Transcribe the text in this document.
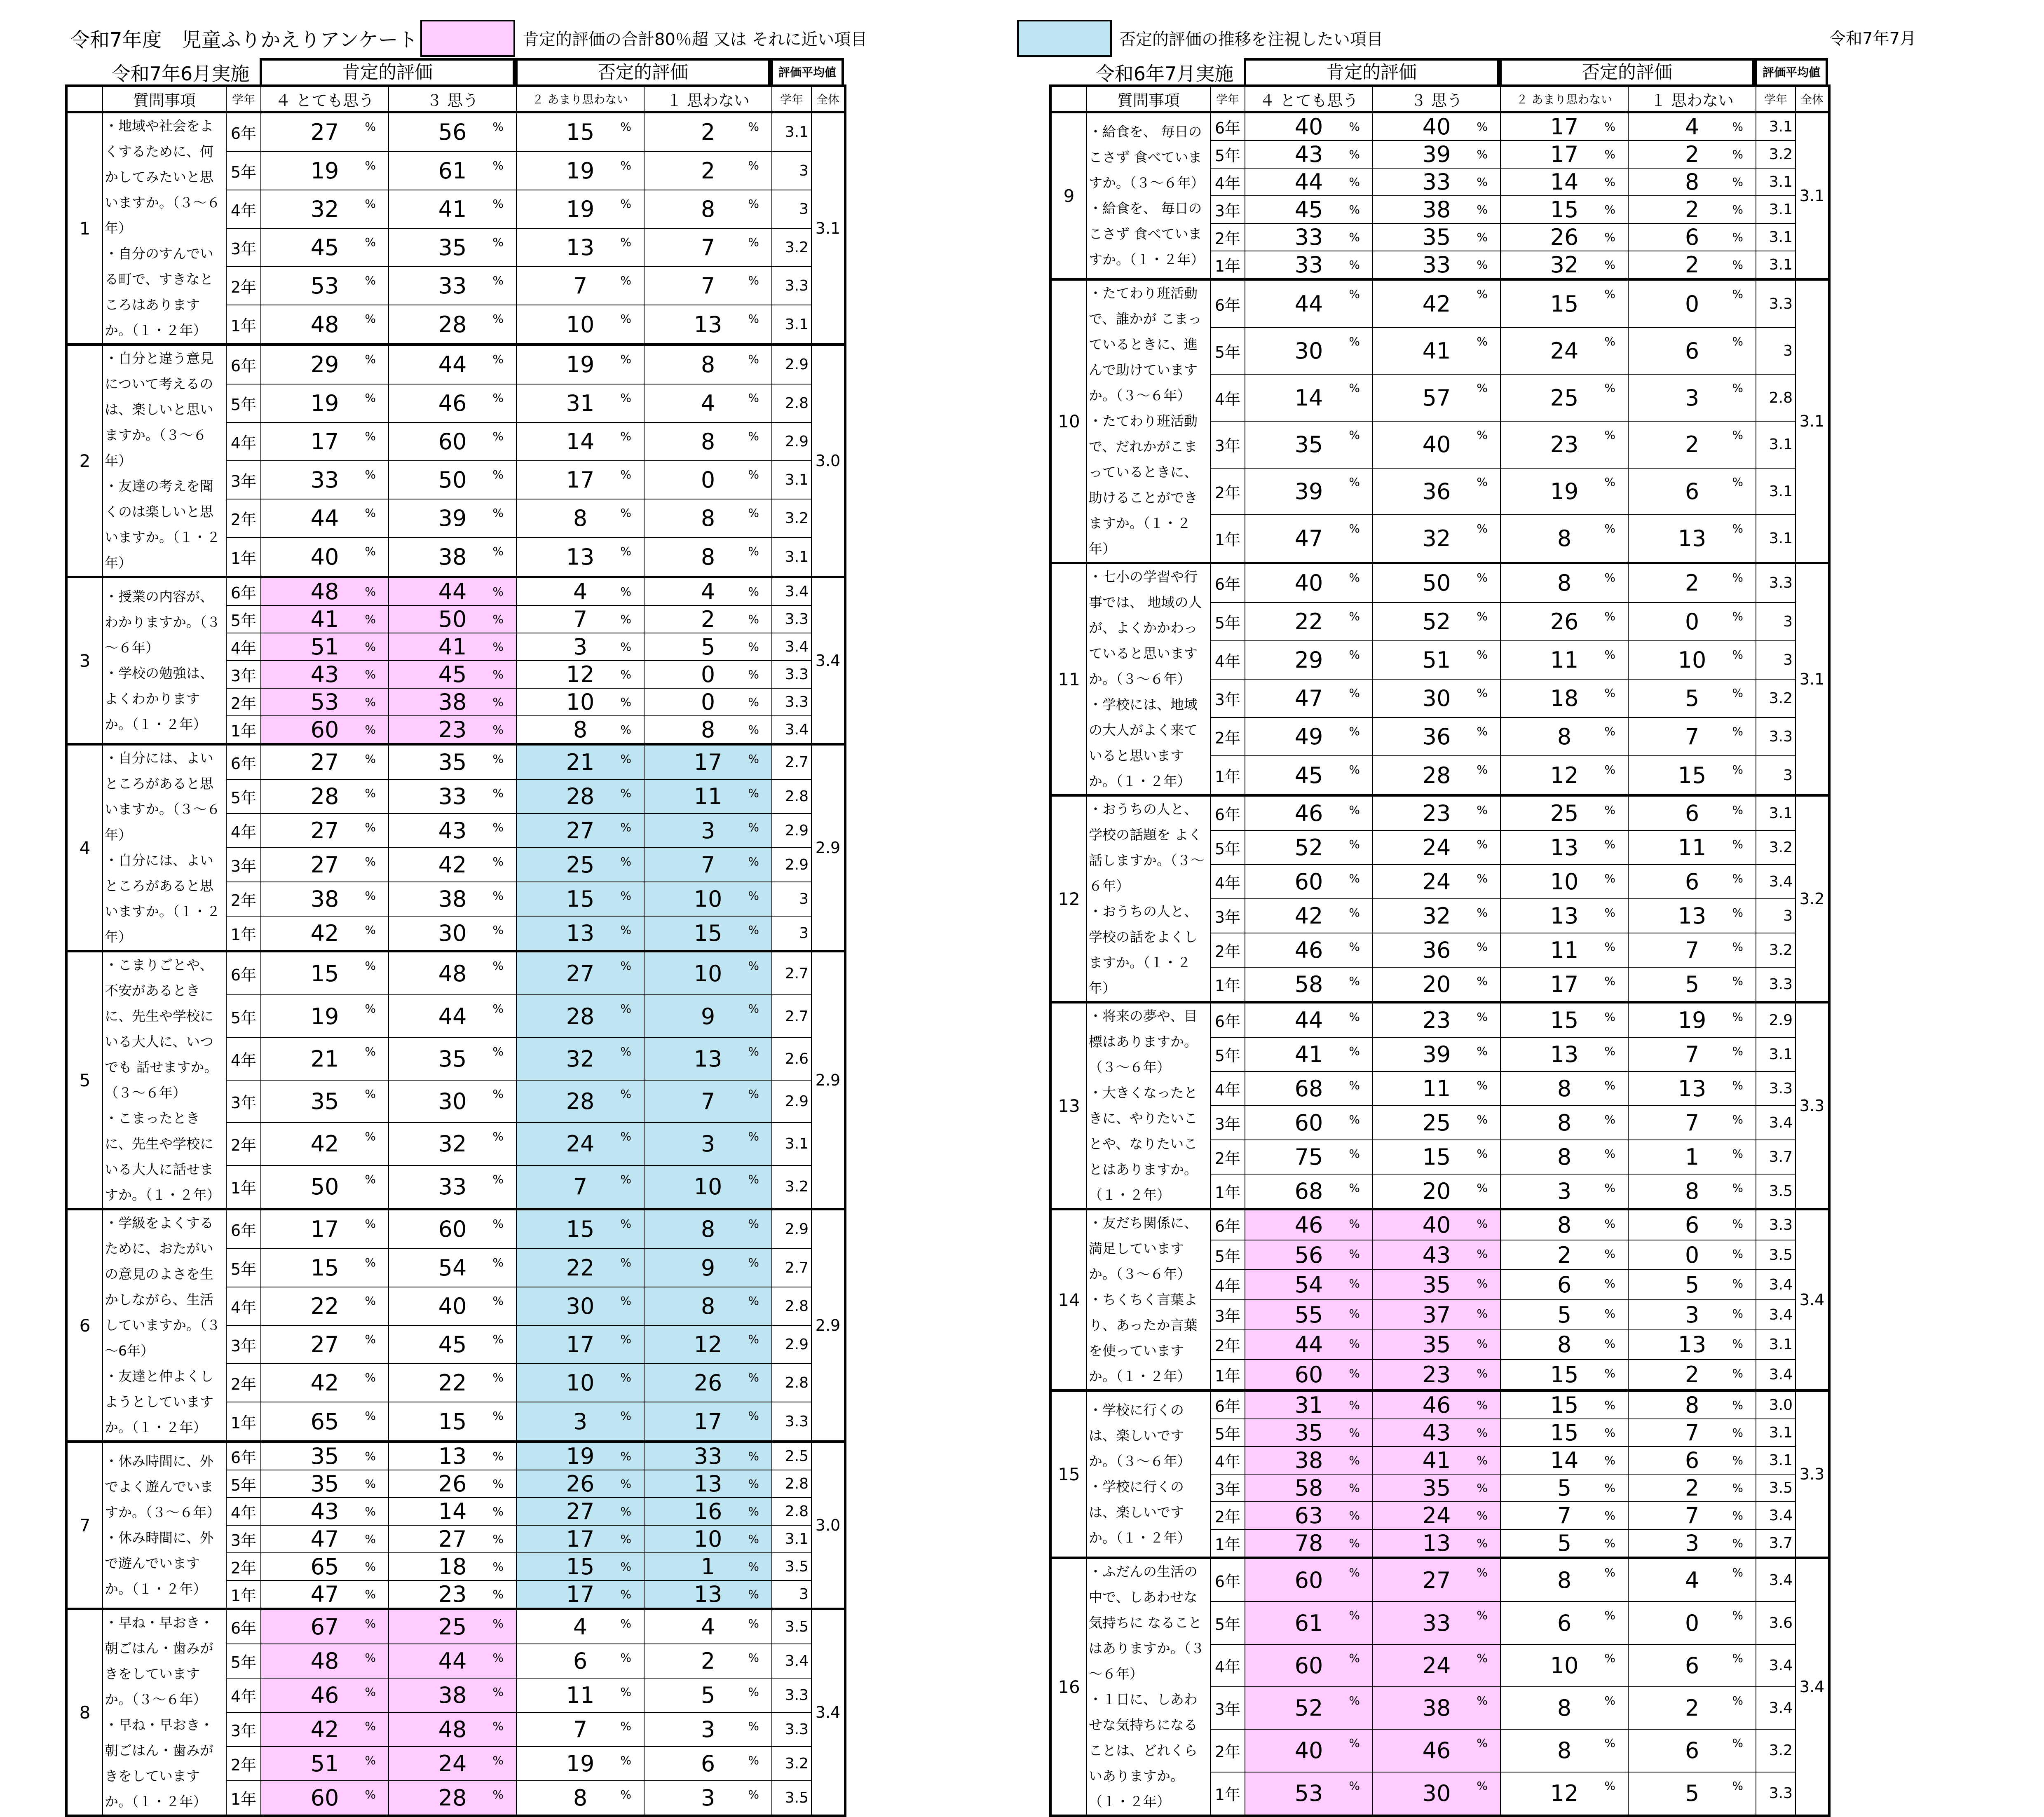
令和7年度　児童ふりかえりアンケート	肯定的評価の合計80％超 又は それに近い項目	否定的評価の推移を注視したい項目	令和7年7月
令和7年6月実施	肯定的評価	否定的評価	評価平均値
	質問事項	学年	４ とても思う	３ 思う	２ あまり思わない	１ 思わない	学年	全体
1	・地域や社会をよくするために、何かしてみたいと思いますか。（３～６年）
・自分のすんでいる町で、すきなところはありますか。（１・２年）	6年	27 %	56 %	15 %	2 %	3.1	3.1
		5年	19 %	61 %	19 %	2 %	3	
		4年	32 %	41 %	19 %	8 %	3	
		3年	45 %	35 %	13 %	7 %	3.2	
		2年	53 %	33 %	7 %	7 %	3.3	
		1年	48 %	28 %	10 %	13 %	3.1	
2	・自分と違う意見について考えるのは、楽しいと思いますか。（３～６年）
・友達の考えを聞くのは楽しいと思いますか。（１・２年）	6年	29 %	44 %	19 %	8 %	2.9	3.0
		5年	19 %	46 %	31 %	4 %	2.8	
		4年	17 %	60 %	14 %	8 %	2.9	
		3年	33 %	50 %	17 %	0 %	3.1	
		2年	44 %	39 %	8 %	8 %	3.2	
		1年	40 %	38 %	13 %	8 %	3.1	
3	・授業の内容が、わかりますか。（３～６年）
・学校の勉強は、よくわかりますか。（１・２年）	6年	48 %	44 %	4 %	4 %	3.4	3.4
		5年	41 %	50 %	7 %	2 %	3.3	
		4年	51 %	41 %	3 %	5 %	3.4	
		3年	43 %	45 %	12 %	0 %	3.3	
		2年	53 %	38 %	10 %	0 %	3.3	
		1年	60 %	23 %	8 %	8 %	3.4	
4	・自分には、よいところがあると思いますか。（３～６年）
・自分には、よいところがあると思いますか。（１・２年）	6年	27 %	35 %	21 %	17 %	2.7	2.9
		5年	28 %	33 %	28 %	11 %	2.8	
		4年	27 %	43 %	27 %	3 %	2.9	
		3年	27 %	42 %	25 %	7 %	2.9	
		2年	38 %	38 %	15 %	10 %	3	
		1年	42 %	30 %	13 %	15 %	3	
5	・こまりごとや、不安があるときに、先生や学校にいる大人に、いつでも 話せますか。（３～６年）
・こまったときに、先生や学校にいる大人に話せますか。（１・２年）	6年	15 %	48 %	27 %	10 %	2.7	2.9
		5年	19 %	44 %	28 %	9 %	2.7	
		4年	21 %	35 %	32 %	13 %	2.6	
		3年	35 %	30 %	28 %	7 %	2.9	
		2年	42 %	32 %	24 %	3 %	3.1	
		1年	50 %	33 %	7 %	10 %	3.2	
6	・学級をよくするために、おたがいの意見のよさを生かしながら、生活していますか。（３～6年）
・友達と仲よくしようとしていますか。（１・２年）	6年	17 %	60 %	15 %	8 %	2.9	2.9
		5年	15 %	54 %	22 %	9 %	2.7	
		4年	22 %	40 %	30 %	8 %	2.8	
		3年	27 %	45 %	17 %	12 %	2.9	
		2年	42 %	22 %	10 %	26 %	2.8	
		1年	65 %	15 %	3 %	17 %	3.3	
7	・休み時間に、外でよく遊んでいますか。（３～６年）
・休み時間に、外で遊んでいますか。（１・２年）	6年	35 %	13 %	19 %	33 %	2.5	3.0
		5年	35 %	26 %	26 %	13 %	2.8	
		4年	43 %	14 %	27 %	16 %	2.8	
		3年	47 %	27 %	17 %	10 %	3.1	
		2年	65 %	18 %	15 %	1 %	3.5	
		1年	47 %	23 %	17 %	13 %	3	
8	・早ね・早おき・朝ごはん・歯みがきをしていますか。（３～６年）
・早ね・早おき・朝ごはん・歯みがきをしていますか。（１・２年）	6年	67 %	25 %	4 %	4 %	3.5	3.4
		5年	48 %	44 %	6 %	2 %	3.4	
		4年	46 %	38 %	11 %	5 %	3.3	
		3年	42 %	48 %	7 %	3 %	3.3	
		2年	51 %	24 %	19 %	6 %	3.2	
		1年	60 %	28 %	8 %	3 %	3.5	
令和6年7月実施	肯定的評価	否定的評価	評価平均値
	質問事項	学年	４ とても思う	３ 思う	２ あまり思わない	１ 思わない	学年	全体
9	・給食を、 毎日のこさず 食べていますか。（３～６年）
・給食を、 毎日のこさず 食べていますか。（１・２年）	6年	40 %	40 %	17 %	4 %	3.1	3.1
		5年	43 %	39 %	17 %	2 %	3.2	
		4年	44 %	33 %	14 %	8 %	3.1	
		3年	45 %	38 %	15 %	2 %	3.1	
		2年	33 %	35 %	26 %	6 %	3.1	
		1年	33 %	33 %	32 %	2 %	3.1	
10	・たてわり班活動で、誰かが こまっているときに、進んで助けていますか。（３～６年）
・たてわり班活動で、だれかがこまっているときに、助けることができますか。（１・２年）	6年	44 %	42 %	15 %	0 %	3.3	3.1
		5年	30 %	41 %	24 %	6 %	3	
		4年	14 %	57 %	25 %	3 %	2.8	
		3年	35 %	40 %	23 %	2 %	3.1	
		2年	39 %	36 %	19 %	6 %	3.1	
		1年	47 %	32 %	8 %	13 %	3.1	
11	・七小の学習や行事では、 地域の人が、よくかかわっていると思いますか。（３～６年）
・学校には、地域の大人がよく来ていると思いますか。（１・２年）	6年	40 %	50 %	8 %	2 %	3.3	3.1
		5年	22 %	52 %	26 %	0 %	3	
		4年	29 %	51 %	11 %	10 %	3	
		3年	47 %	30 %	18 %	5 %	3.2	
		2年	49 %	36 %	8 %	7 %	3.3	
		1年	45 %	28 %	12 %	15 %	3	
12	・おうちの人と、学校の話題を よく話しますか。（３～６年）
・おうちの人と、学校の話をよくしますか。（１・２年）	6年	46 %	23 %	25 %	6 %	3.1	3.2
		5年	52 %	24 %	13 %	11 %	3.2	
		4年	60 %	24 %	10 %	6 %	3.4	
		3年	42 %	32 %	13 %	13 %	3	
		2年	46 %	36 %	11 %	7 %	3.2	
		1年	58 %	20 %	17 %	5 %	3.3	
13	・将来の夢や、目標はありますか。（３～６年）
・大きくなったときに、やりたいことや、なりたいことはありますか。（１・２年）	6年	44 %	23 %	15 %	19 %	2.9	3.3
		5年	41 %	39 %	13 %	7 %	3.1	
		4年	68 %	11 %	8 %	13 %	3.3	
		3年	60 %	25 %	8 %	7 %	3.4	
		2年	75 %	15 %	8 %	1 %	3.7	
		1年	68 %	20 %	3 %	8 %	3.5	
14	・友だち関係に、満足していますか。（３～６年）
・ちくちく言葉より、あったか言葉を使っていますか。（１・２年）	6年	46 %	40 %	8 %	6 %	3.3	3.4
		5年	56 %	43 %	2 %	0 %	3.5	
		4年	54 %	35 %	6 %	5 %	3.4	
		3年	55 %	37 %	5 %	3 %	3.4	
		2年	44 %	35 %	8 %	13 %	3.1	
		1年	60 %	23 %	15 %	2 %	3.4	
15	・学校に行くのは、楽しいですか。（３～６年）
・学校に行くのは、楽しいですか。（１・２年）	6年	31 %	46 %	15 %	8 %	3.0	3.3
		5年	35 %	43 %	15 %	7 %	3.1	
		4年	38 %	41 %	14 %	6 %	3.1	
		3年	58 %	35 %	5 %	2 %	3.5	
		2年	63 %	24 %	7 %	7 %	3.4	
		1年	78 %	13 %	5 %	3 %	3.7	
16	・ふだんの生活の中で、しあわせな気持ちに なることはありますか。（３～６年）
・１日に、しあわせな気持ちになることは、どれくらいありますか。（１・２年）	6年	60 %	27 %	8 %	4 %	3.4	3.4
		5年	61 %	33 %	6 %	0 %	3.6	
		4年	60 %	24 %	10 %	6 %	3.4	
		3年	52 %	38 %	8 %	2 %	3.4	
		2年	40 %	46 %	8 %	6 %	3.2	
		1年	53 %	30 %	12 %	5 %	3.3	
